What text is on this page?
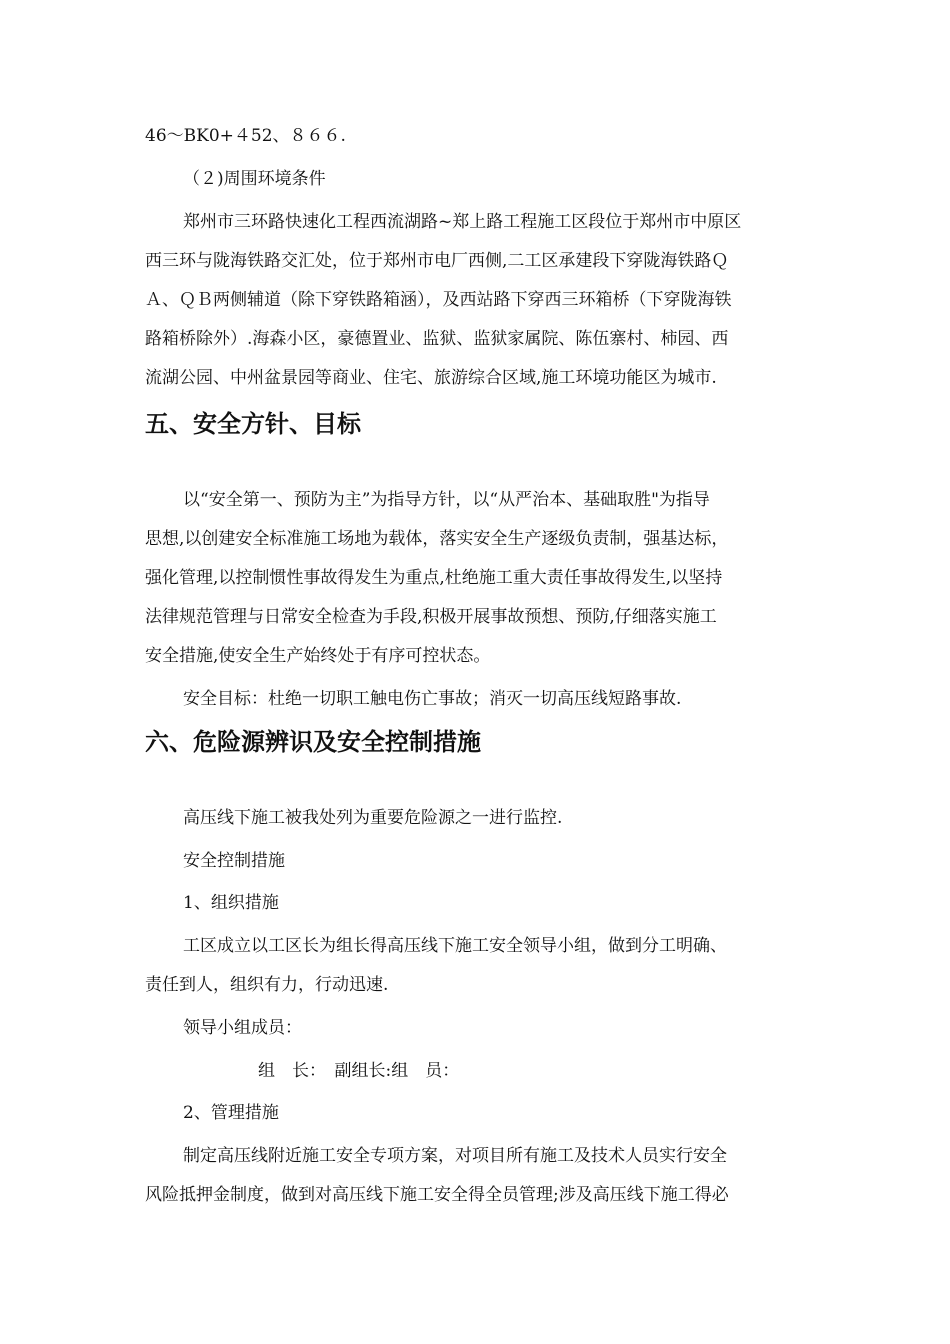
46～BK0+４52、８６６.
（２)周围环境条件
郑州市三环路快速化工程西流湖路~郑上路工程施工区段位于郑州市中原区
西三环与陇海铁路交汇处，位于郑州市电厂西侧,二工区承建段下穿陇海铁路Ｑ
Ａ、ＱＢ两侧辅道（除下穿铁路箱涵），及西站路下穿西三环箱桥（下穿陇海铁
路箱桥除外）.海森小区，豪德置业、监狱、监狱家属院、陈伍寨村、柿园、西
流湖公园、中州盆景园等商业、住宅、旅游综合区域,施工环境功能区为城市.
五、安全方针、目标
以“安全第一、预防为主”为指导方针，以“从严治本、基础取胜"为指导
思想,以创建安全标准施工场地为载体，落实安全生产逐级负责制，强基达标，
强化管理,以控制惯性事故得发生为重点,杜绝施工重大责任事故得发生,以坚持
法律规范管理与日常安全检查为手段,积极开展事故预想、预防,仔细落实施工
安全措施,使安全生产始终处于有序可控状态。
安全目标：杜绝一切职工触电伤亡事故；消灭一切高压线短路事故.
六、危险源辨识及安全控制措施
高压线下施工被我处列为重要危险源之一进行监控.
安全控制措施
1、组织措施
工区成立以工区长为组长得高压线下施工安全领导小组，做到分工明确、
责任到人，组织有力，行动迅速.
领导小组成员：
组　长：　副组长:组　员：
2、管理措施
制定高压线附近施工安全专项方案，对项目所有施工及技术人员实行安全
风险抵押金制度，做到对高压线下施工安全得全员管理;涉及高压线下施工得必
